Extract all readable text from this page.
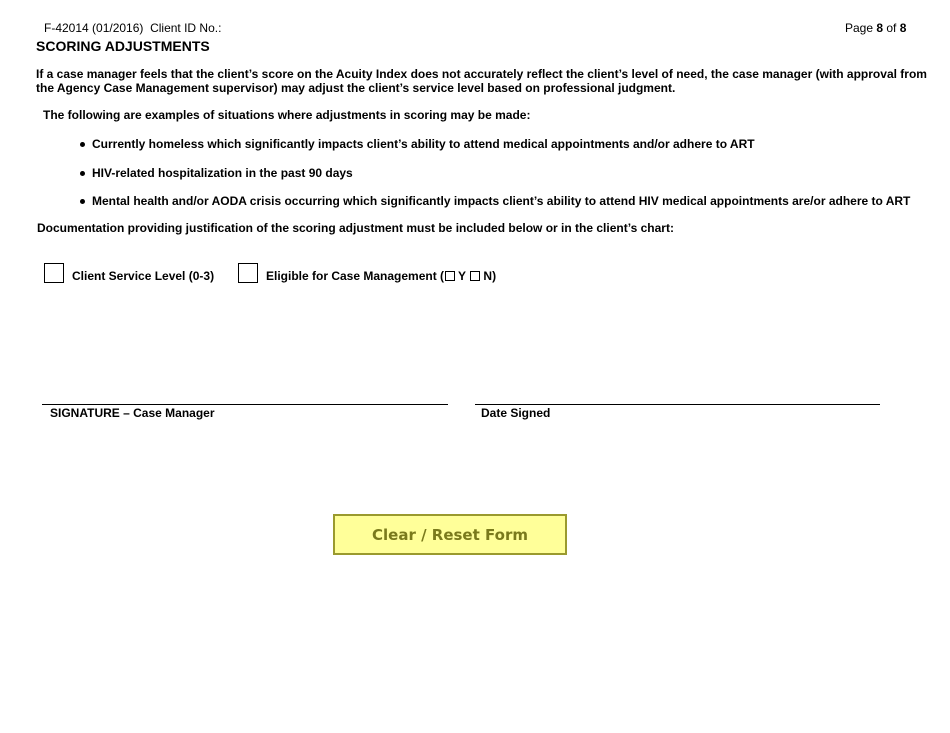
F-42014 (01/2016) Client ID No.:	Page 8 of 8
SCORING ADJUSTMENTS
If a case manager feels that the client’s score on the Acuity Index does not accurately reflect the client’s level of need, the case manager (with approval from the Agency Case Management supervisor) may adjust the client’s service level based on professional judgment.
The following are examples of situations where adjustments in scoring may be made:
Currently homeless which significantly impacts client’s ability to attend medical appointments and/or adhere to ART
HIV-related hospitalization in the past 90 days
Mental health and/or AODA crisis occurring which significantly impacts client’s ability to attend HIV medical appointments are/or adhere to ART
Documentation providing justification of the scoring adjustment must be included below or in the client’s chart:
Client Service Level (0-3)	Eligible for Case Management ( Y N)
SIGNATURE – Case Manager	Date Signed
Clear / Reset Form
